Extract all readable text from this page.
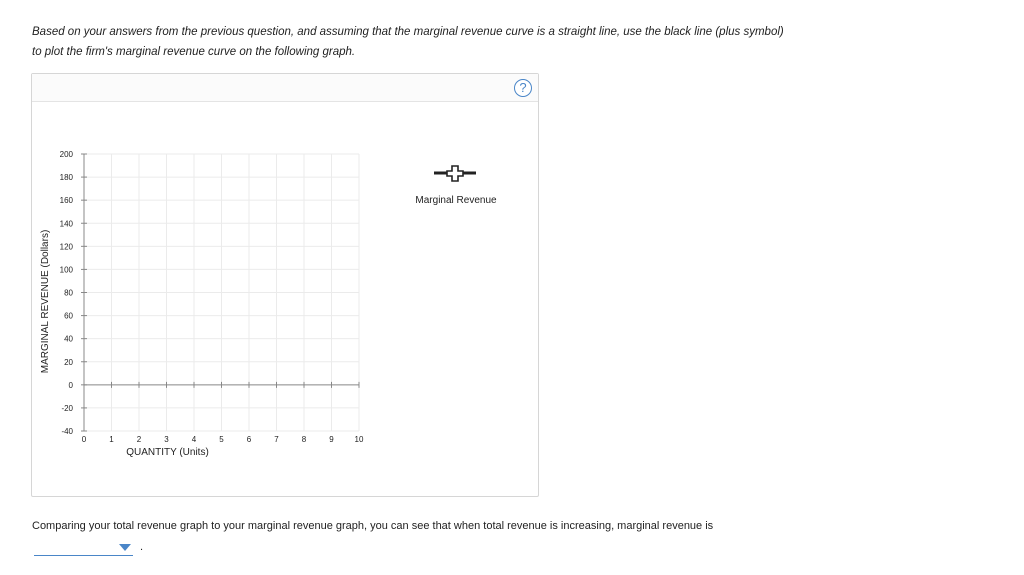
Based on your answers from the previous question, and assuming that the marginal revenue curve is a straight line, use the black line (plus symbol)
to plot the firm's marginal revenue curve on the following graph.
?
200
180
160
140
120
100
80
60
40
20
0
-20
-40
0	1	2	3	4	5	6	7	8	9	10
QUANTITY (Units)
MARGINAL REVENUE (Dollars)
Marginal Revenue
Comparing your total revenue graph to your marginal revenue graph, you can see that when total revenue is increasing, marginal revenue is
.
